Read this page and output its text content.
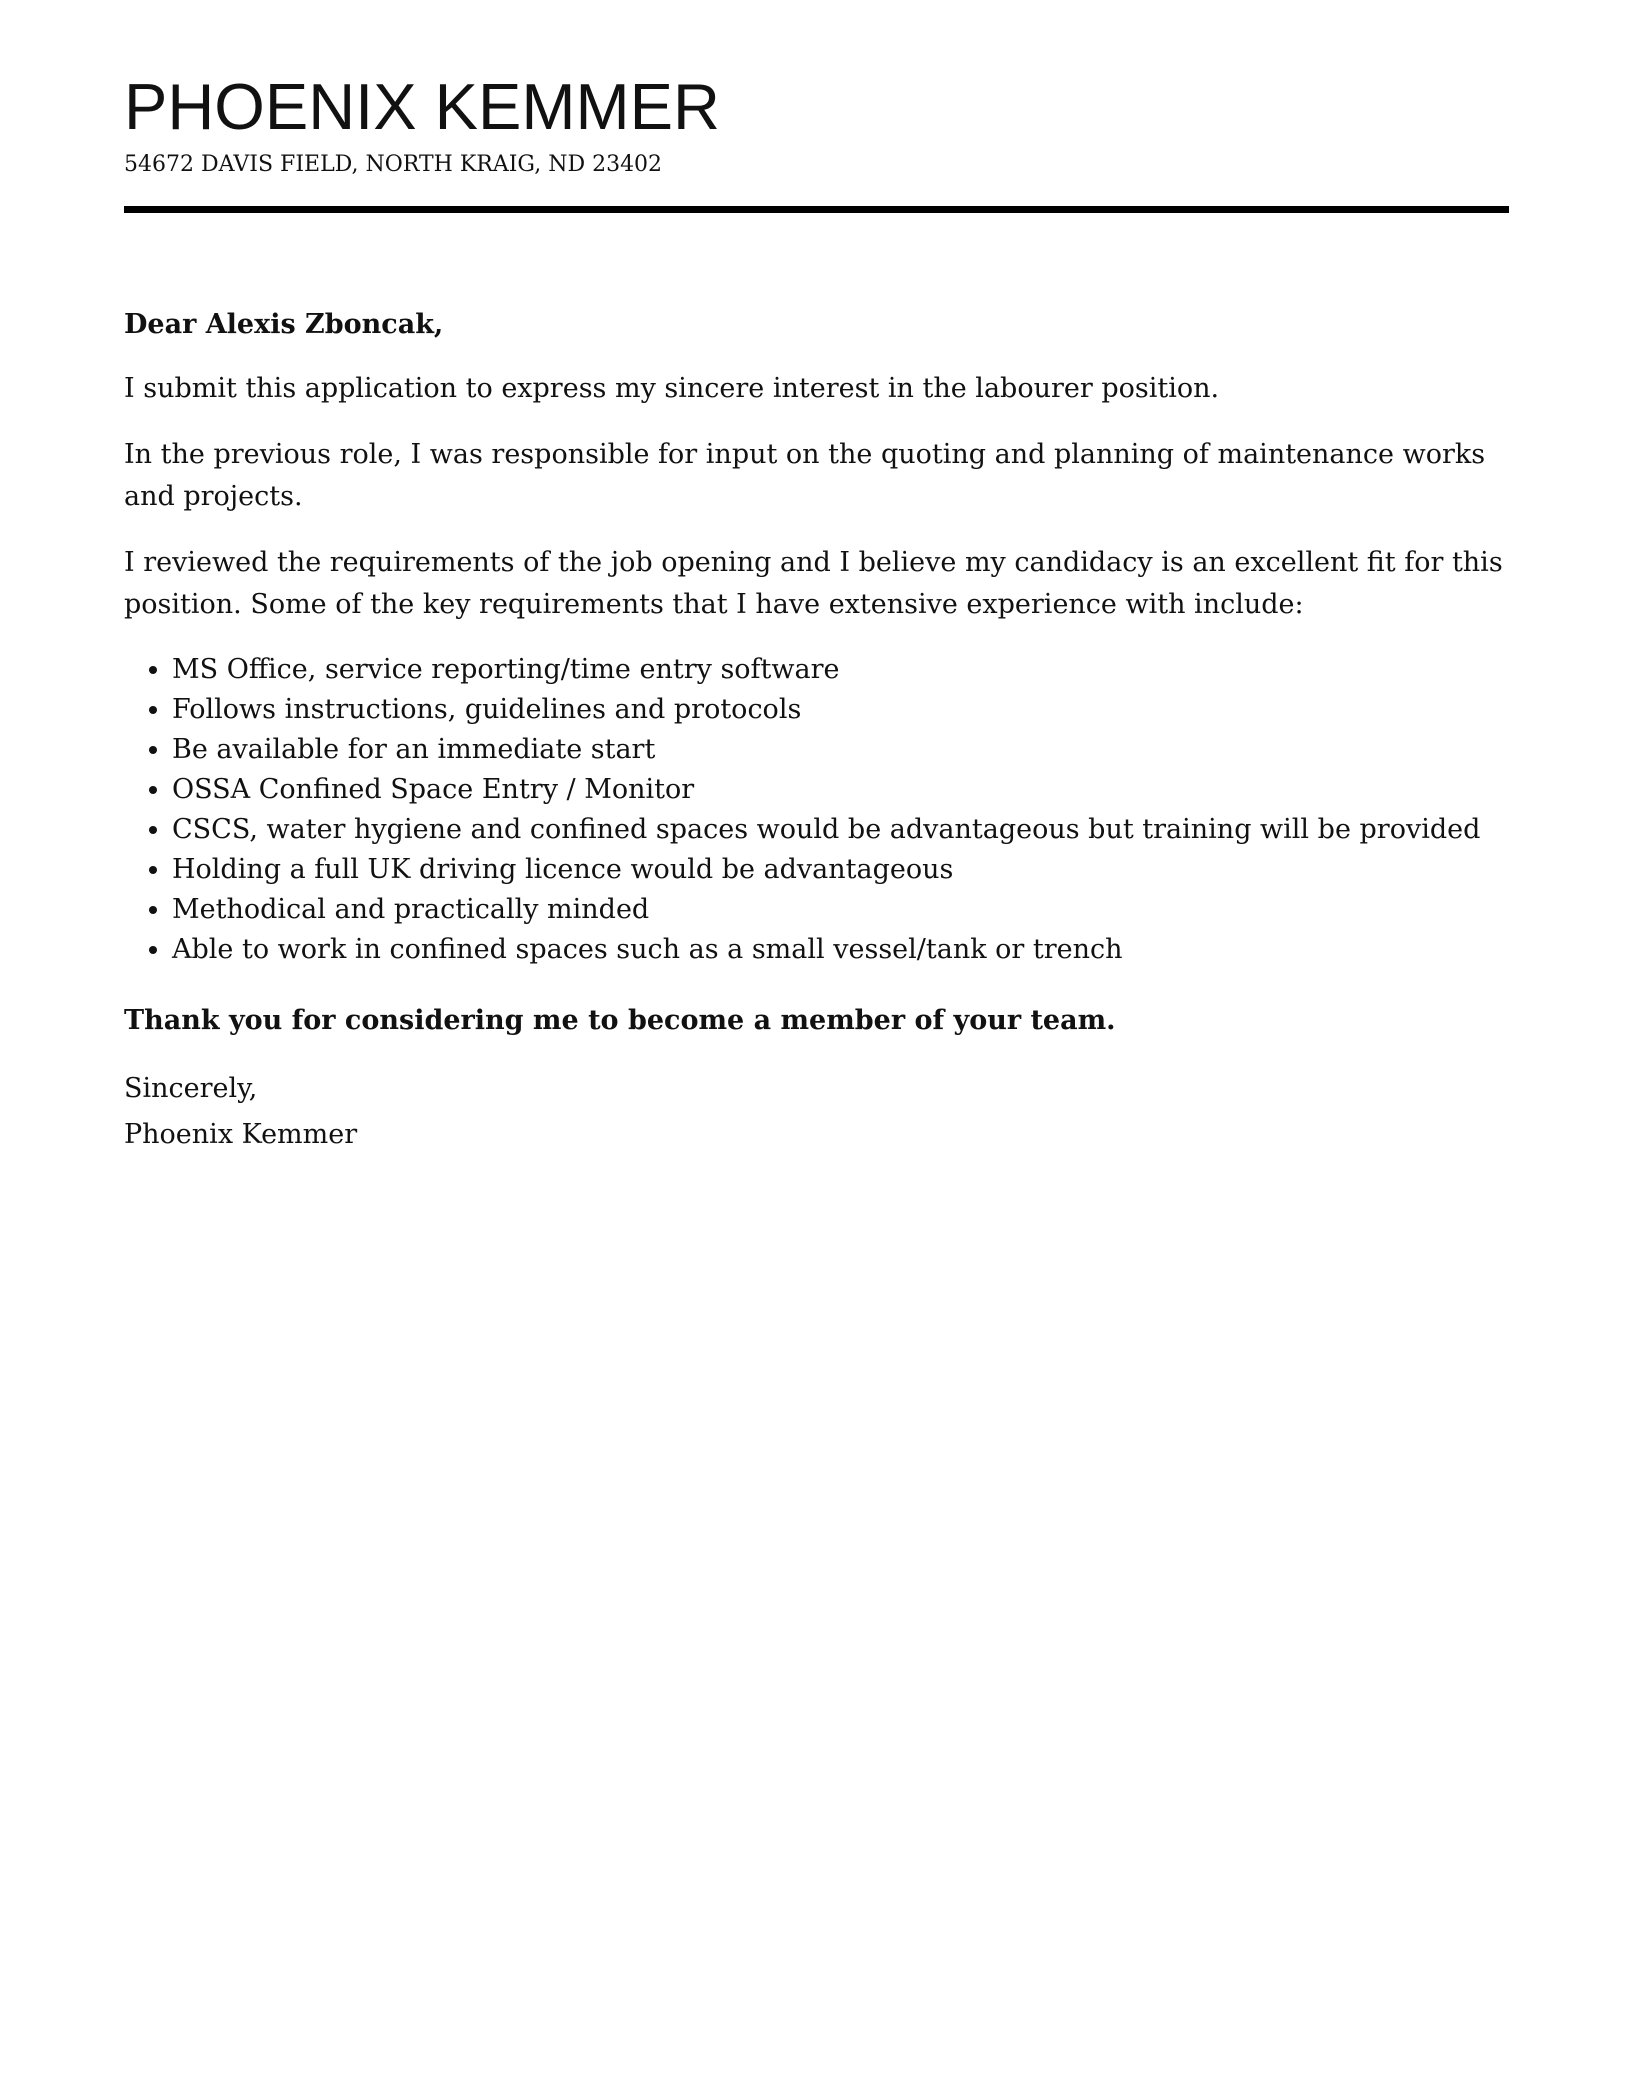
PHOENIX KEMMER
54672 DAVIS FIELD, NORTH KRAIG, ND 23402

Dear Alexis Zboncak,

I submit this application to express my sincere interest in the labourer position.

In the previous role, I was responsible for input on the quoting and planning of maintenance works and projects.

I reviewed the requirements of the job opening and I believe my candidacy is an excellent fit for this position. Some of the key requirements that I have extensive experience with include:

• MS Office, service reporting/time entry software
• Follows instructions, guidelines and protocols
• Be available for an immediate start
• OSSA Confined Space Entry / Monitor
• CSCS, water hygiene and confined spaces would be advantageous but training will be provided
• Holding a full UK driving licence would be advantageous
• Methodical and practically minded
• Able to work in confined spaces such as a small vessel/tank or trench

Thank you for considering me to become a member of your team.

Sincerely,

Phoenix Kemmer
